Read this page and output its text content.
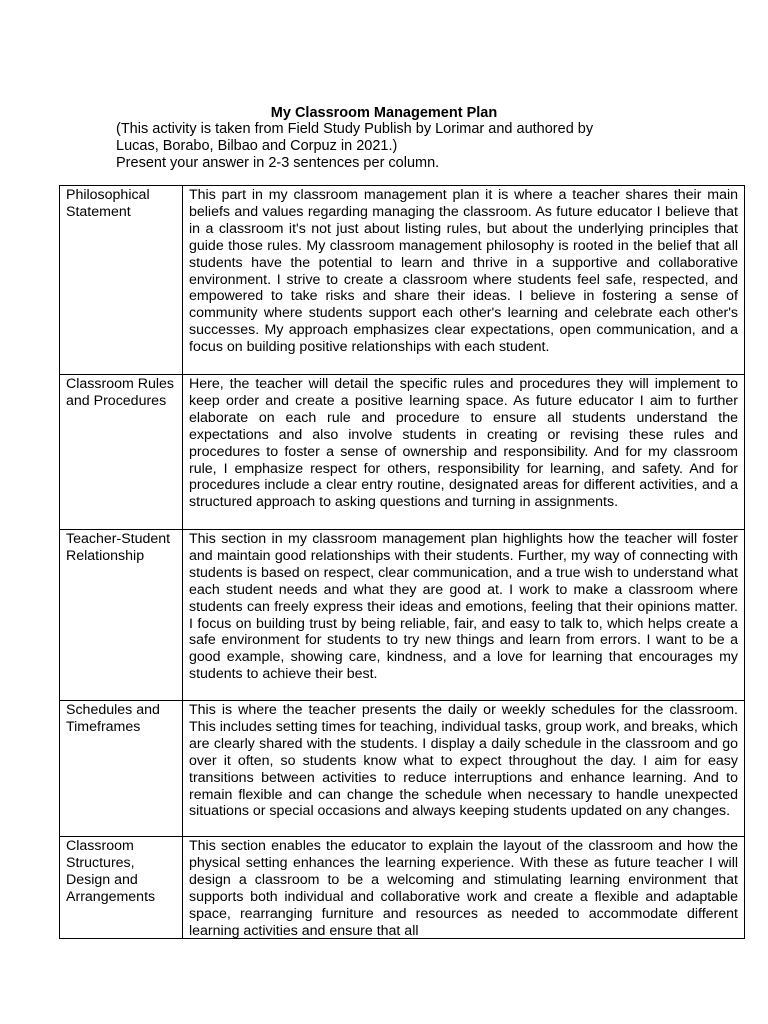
My Classroom Management Plan
(This activity is taken from Field Study Publish by Lorimar and authored by
Lucas, Borabo, Bilbao and Corpuz in 2021.)
Present your answer in 2-3 sentences per column.
Philosophical Statement	This part in my classroom management plan it is where a teacher shares their main beliefs and values regarding managing the classroom. As future educator I believe that in a classroom it's not just about listing rules, but about the underlying principles that guide those rules. My classroom management philosophy is rooted in the belief that all students have the potential to learn and thrive in a supportive and collaborative environment. I strive to create a classroom where students feel safe, respected, and empowered to take risks and share their ideas. I believe in fostering a sense of community where students support each other's learning and celebrate each other's successes. My approach emphasizes clear expectations, open communication, and a focus on building positive relationships with each student.

Classroom Rules and Procedures	Here, the teacher will detail the specific rules and procedures they will implement to keep order and create a positive learning space. As future educator I aim to further elaborate on each rule and procedure to ensure all students understand the expectations and also involve students in creating or revising these rules and procedures to foster a sense of ownership and responsibility. And for my classroom rule, I emphasize respect for others, responsibility for learning, and safety. And for procedures include a clear entry routine, designated areas for different activities, and a structured approach to asking questions and turning in assignments.

Teacher-Student Relationship	This section in my classroom management plan highlights how the teacher will foster and maintain good relationships with their students. Further, my way of connecting with students is based on respect, clear communication, and a true wish to understand what each student needs and what they are good at. I work to make a classroom where students can freely express their ideas and emotions, feeling that their opinions matter. I focus on building trust by being reliable, fair, and easy to talk to, which helps create a safe environment for students to try new things and learn from errors. I want to be a good example, showing care, kindness, and a love for learning that encourages my students to achieve their best.

Schedules and Timeframes	This is where the teacher presents the daily or weekly schedules for the classroom. This includes setting times for teaching, individual tasks, group work, and breaks, which are clearly shared with the students. I display a daily schedule in the classroom and go over it often, so students know what to expect throughout the day. I aim for easy transitions between activities to reduce interruptions and enhance learning. And to remain flexible and can change the schedule when necessary to handle unexpected situations or special occasions and always keeping students updated on any changes.

Classroom Structures, Design and Arrangements	This section enables the educator to explain the layout of the classroom and how the physical setting enhances the learning experience. With these as future teacher I will design a classroom to be a welcoming and stimulating learning environment that supports both individual and collaborative work and create a flexible and adaptable space, rearranging furniture and resources as needed to accommodate different learning activities and ensure that all
